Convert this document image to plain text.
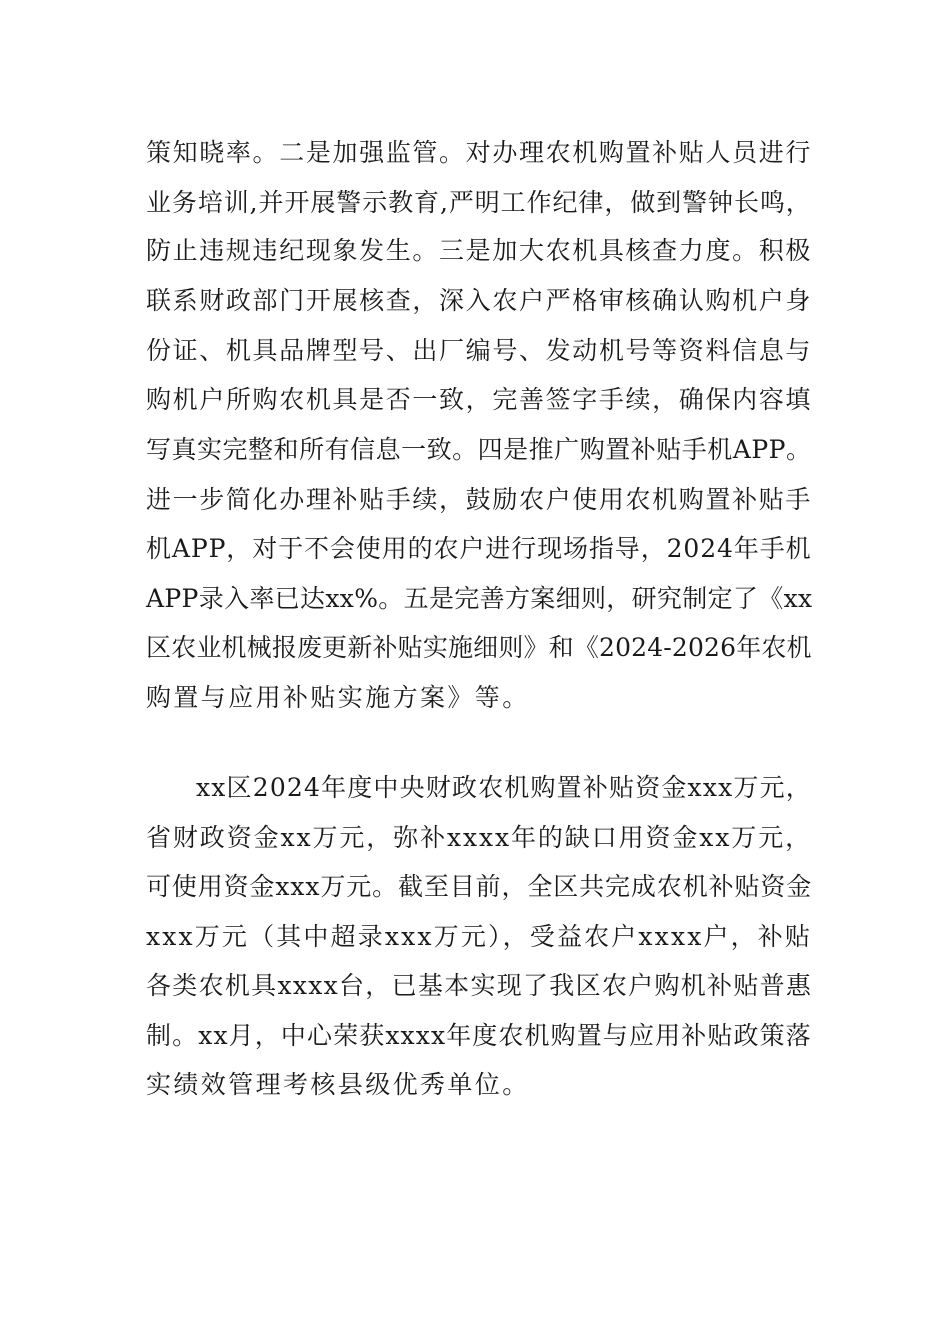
策知晓率。二是加强监管。对办理农机购置补贴人员进行
业务培训,并开展警示教育,严明工作纪律，做到警钟长鸣，
防止违规违纪现象发生。三是加大农机具核查力度。积极
联系财政部门开展核查，深入农户严格审核确认购机户身
份证、机具品牌型号、出厂编号、发动机号等资料信息与
购机户所购农机具是否一致，完善签字手续，确保内容填
写真实完整和所有信息一致。四是推广购置补贴手机APP。
进一步简化办理补贴手续，鼓励农户使用农机购置补贴手
机APP，对于不会使用的农户进行现场指导，2024年手机
APP录入率已达xx%。五是完善方案细则，研究制定了《xx
区农业机械报废更新补贴实施细则》和《2024-2026年农机
购置与应用补贴实施方案》等。
xx区2024年度中央财政农机购置补贴资金xxx万元，
省财政资金xx万元，弥补xxxx年的缺口用资金xx万元，
可使用资金xxx万元。截至目前，全区共完成农机补贴资金
xxx万元（其中超录xxx万元），受益农户xxxx户，补贴
各类农机具xxxx台，已基本实现了我区农户购机补贴普惠
制。xx月，中心荣获xxxx年度农机购置与应用补贴政策落
实绩效管理考核县级优秀单位。
